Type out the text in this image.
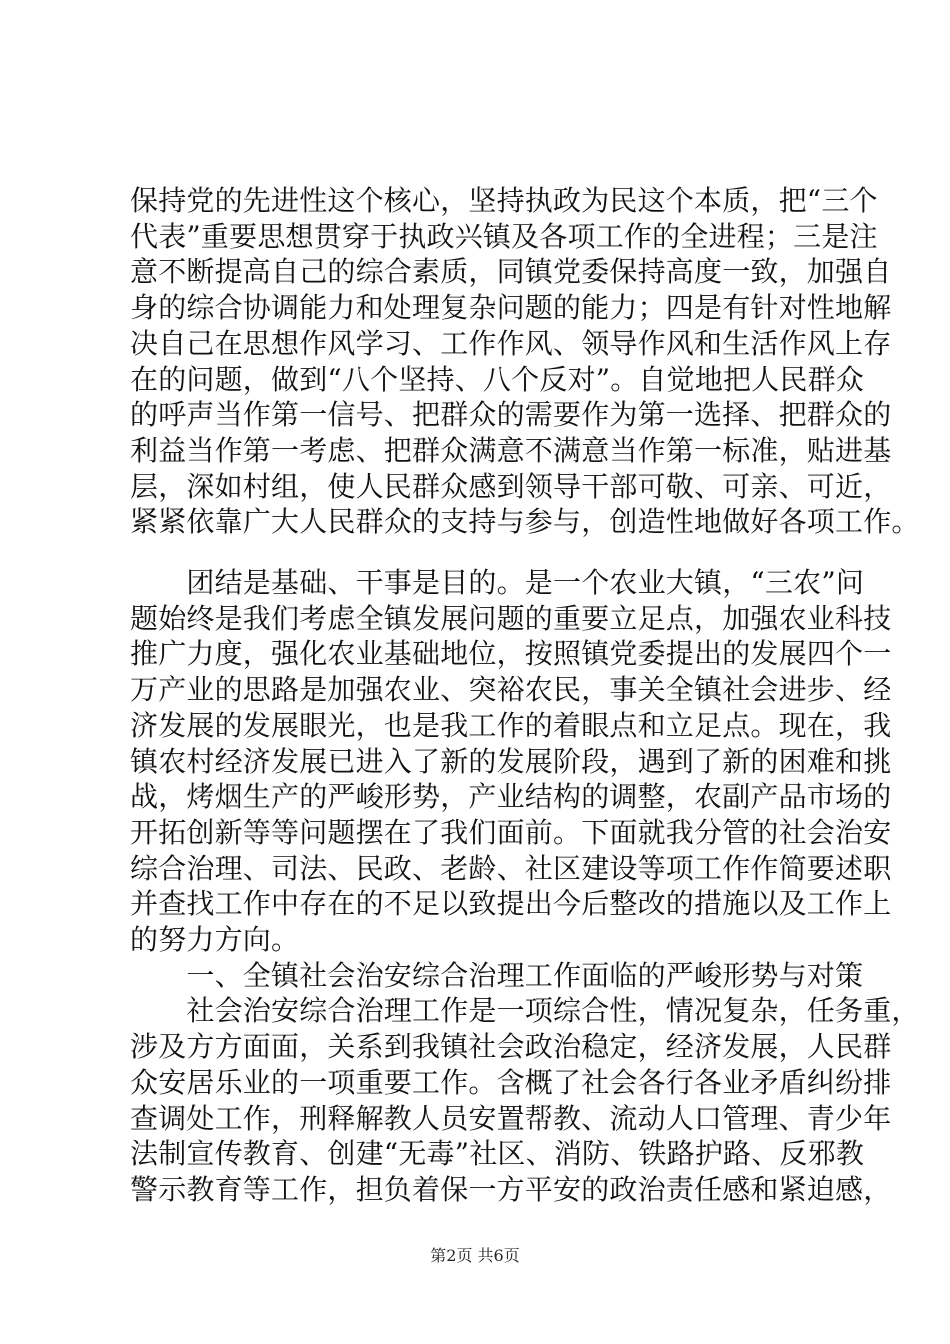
保持党的先进性这个核心，坚持执政为民这个本质，把“三个
代表”重要思想贯穿于执政兴镇及各项工作的全进程；三是注
意不断提高自己的综合素质，同镇党委保持高度一致，加强自
身的综合协调能力和处理复杂问题的能力；四是有针对性地解
决自己在思想作风学习、工作作风、领导作风和生活作风上存
在的问题，做到“八个坚持、八个反对”。自觉地把人民群众
的呼声当作第一信号、把群众的需要作为第一选择、把群众的
利益当作第一考虑、把群众满意不满意当作第一标准，贴进基
层，深如村组，使人民群众感到领导干部可敬、可亲、可近，
紧紧依靠广大人民群众的支持与参与，创造性地做好各项工作。
　　团结是基础、干事是目的。是一个农业大镇，“三农”问
题始终是我们考虑全镇发展问题的重要立足点，加强农业科技
推广力度，强化农业基础地位，按照镇党委提出的发展四个一
万产业的思路是加强农业、突裕农民，事关全镇社会进步、经
济发展的发展眼光，也是我工作的着眼点和立足点。现在，我
镇农村经济发展已进入了新的发展阶段，遇到了新的困难和挑
战，烤烟生产的严峻形势，产业结构的调整，农副产品市场的
开拓创新等等问题摆在了我们面前。下面就我分管的社会治安
综合治理、司法、民政、老龄、社区建设等项工作作简要述职
并查找工作中存在的不足以致提出今后整改的措施以及工作上
的努力方向。
　　一、全镇社会治安综合治理工作面临的严峻形势与对策
　　社会治安综合治理工作是一项综合性，情况复杂，任务重，
涉及方方面面，关系到我镇社会政治稳定，经济发展，人民群
众安居乐业的一项重要工作。含概了社会各行各业矛盾纠纷排
查调处工作，刑释解教人员安置帮教、流动人口管理、青少年
法制宣传教育、创建“无毒”社区、消防、铁路护路、反邪教
警示教育等工作，担负着保一方平安的政治责任感和紧迫感，
第2页 共6页
